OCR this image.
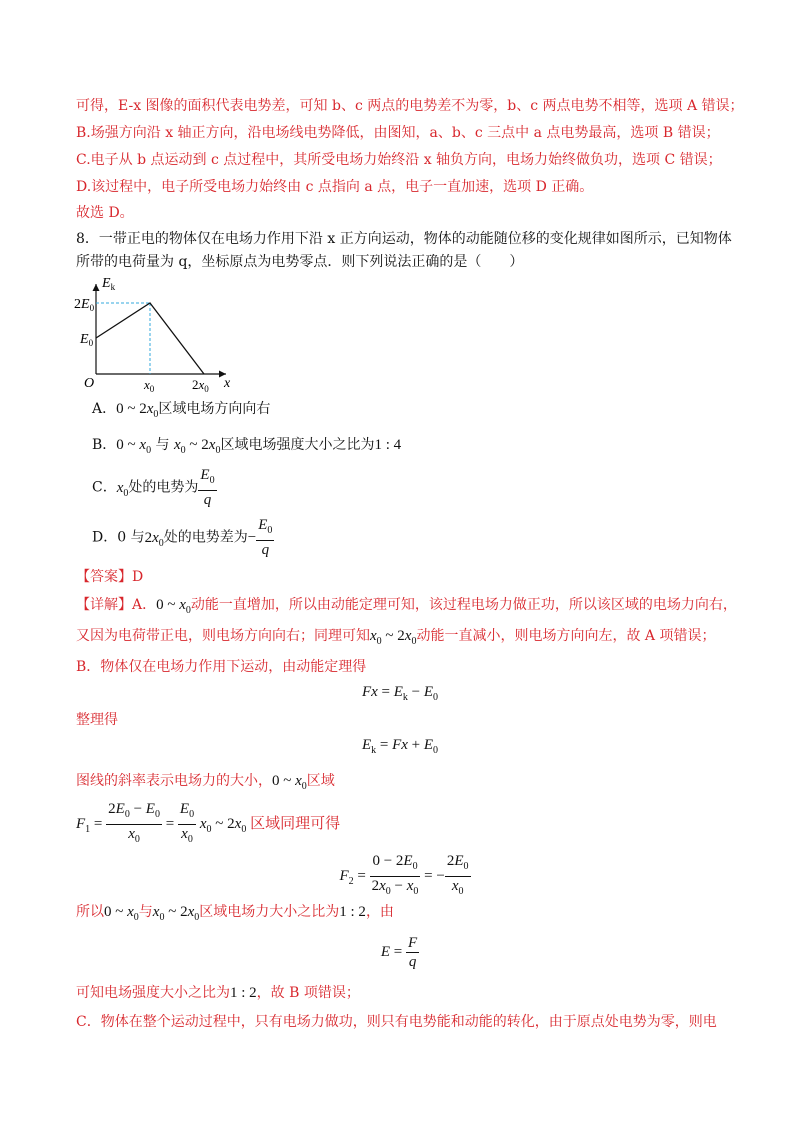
可得，E-x 图像的面积代表电势差，可知 b、c 两点的电势差不为零，b、c 两点电势不相等，选项 A 错误；
B.场强方向沿 x 轴正方向，沿电场线电势降低，由图知，a、b、c 三点中 a 点电势最高，选项 B 错误；
C.电子从 b 点运动到 c 点过程中，其所受电场力始终沿 x 轴负方向，电场力始终做负功，选项 C 错误；
D.该过程中，电子所受电场力始终由 c 点指向 a 点，电子一直加速，选项 D 正确。
故选 D。
8．一带正电的物体仅在电场力作用下沿 x 正方向运动，物体的动能随位移的变化规律如图所示，已知物体
所带的电荷量为 q，坐标原点为电势零点．则下列说法正确的是（　　）
$E_k$
$2E_0$
$E_0$
O	$x_0$	$2x_0$ x
A．0 ~ $2x_0$区域电场方向向右
B．0 ~ $x_0$ 与 $x_0$ ~ $2x_0$区域电场强度大小之比为1 : 4
C．$x_0$处的电势为 $\frac{E_0}{q}$
D．0 与$2x_0$处的电势差为− $\frac{E_0}{q}$
【答案】D
【详解】A．0 ~ $x_0$动能一直增加，所以由动能定理可知，该过程电场力做正功，所以该区域的电场力向右，
又因为电荷带正电，则电场方向向右；同理可知$x_0$ ~ $2x_0$动能一直减小，则电场方向向左，故 A 项错误；
B．物体仅在电场力作用下运动，由动能定理得
$Fx = E_k - E_0$
整理得
$E_k = Fx + E_0$
图线的斜率表示电场力的大小，0 ~ $x_0$区域
$F_1 = \frac{2E_0 - E_0}{x_0} = \frac{E_0}{x_0} x_0$ ~ $2x_0$ 区域同理可得
$F_2 = \frac{0 - 2E_0}{2x_0 - x_0}$ = − $\frac{2E_0}{x_0}$
所以0 ~ $x_0$与$x_0$ ~ $2x_0$区域电场力大小之比为1 : 2，由
$E = \frac{F}{q}$
可知电场强度大小之比为1 : 2，故 B 项错误；
C．物体在整个运动过程中，只有电场力做功，则只有电势能和动能的转化，由于原点处电势为零，则电
